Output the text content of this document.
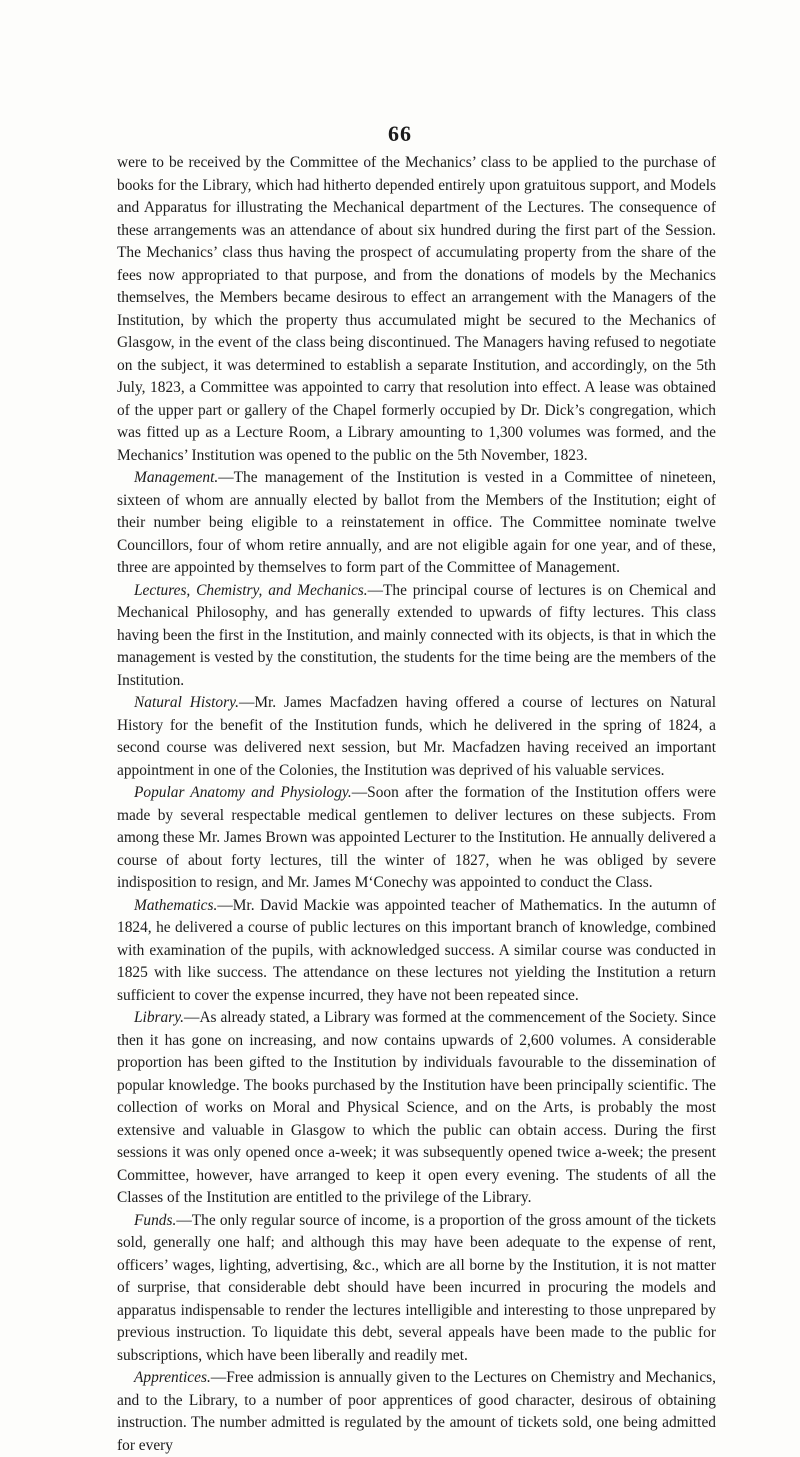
66

were to be received by the Committee of the Mechanics’ class to be applied to the purchase of books for the Library, which had hitherto depended entirely upon gratuitous support, and Models and Apparatus for illustrating the Mechanical department of the Lectures. The consequence of these arrangements was an attendance of about six hundred during the first part of the Session. The Mechanics’ class thus having the prospect of accumulating property from the share of the fees now appropriated to that purpose, and from the donations of models by the Mechanics themselves, the Members became desirous to effect an arrangement with the Managers of the Institution, by which the property thus accumulated might be secured to the Mechanics of Glasgow, in the event of the class being discontinued. The Managers having refused to negotiate on the subject, it was determined to establish a separate Institution, and accordingly, on the 5th July, 1823, a Committee was appointed to carry that resolution into effect. A lease was obtained of the upper part or gallery of the Chapel formerly occupied by Dr. Dick’s congregation, which was fitted up as a Lecture Room, a Library amounting to 1,300 volumes was formed, and the Mechanics’ Institution was opened to the public on the 5th November, 1823.

Management.—The management of the Institution is vested in a Committee of nineteen, sixteen of whom are annually elected by ballot from the Members of the Institution; eight of their number being eligible to a reinstatement in office. The Committee nominate twelve Councillors, four of whom retire annually, and are not eligible again for one year, and of these, three are appointed by themselves to form part of the Committee of Management.

Lectures, Chemistry, and Mechanics.—The principal course of lectures is on Chemical and Mechanical Philosophy, and has generally extended to upwards of fifty lectures. This class having been the first in the Institution, and mainly connected with its objects, is that in which the management is vested by the constitution, the students for the time being are the members of the Institution.

Natural History.—Mr. James Macfadzen having offered a course of lectures on Natural History for the benefit of the Institution funds, which he delivered in the spring of 1824, a second course was delivered next session, but Mr. Macfadzen having received an important appointment in one of the Colonies, the Institution was deprived of his valuable services.

Popular Anatomy and Physiology.—Soon after the formation of the Institution offers were made by several respectable medical gentlemen to deliver lectures on these subjects. From among these Mr. James Brown was appointed Lecturer to the Institution. He annually delivered a course of about forty lectures, till the winter of 1827, when he was obliged by severe indisposition to resign, and Mr. James M‘Conechy was appointed to conduct the Class.

Mathematics.—Mr. David Mackie was appointed teacher of Mathematics. In the autumn of 1824, he delivered a course of public lectures on this important branch of knowledge, combined with examination of the pupils, with acknowledged success. A similar course was conducted in 1825 with like success. The attendance on these lectures not yielding the Institution a return sufficient to cover the expense incurred, they have not been repeated since.

Library.—As already stated, a Library was formed at the commencement of the Society. Since then it has gone on increasing, and now contains upwards of 2,600 volumes. A considerable proportion has been gifted to the Institution by individuals favourable to the dissemination of popular knowledge. The books purchased by the Institution have been principally scientific. The collection of works on Moral and Physical Science, and on the Arts, is probably the most extensive and valuable in Glasgow to which the public can obtain access. During the first sessions it was only opened once a-week; it was subsequently opened twice a-week; the present Committee, however, have arranged to keep it open every evening. The students of all the Classes of the Institution are entitled to the privilege of the Library.

Funds.—The only regular source of income, is a proportion of the gross amount of the tickets sold, generally one half; and although this may have been adequate to the expense of rent, officers’ wages, lighting, advertising, &c., which are all borne by the Institution, it is not matter of surprise, that considerable debt should have been incurred in procuring the models and apparatus indispensable to render the lectures intelligible and interesting to those unprepared by previous instruction. To liquidate this debt, several appeals have been made to the public for subscriptions, which have been liberally and readily met.

Apprentices.—Free admission is annually given to the Lectures on Chemistry and Mechanics, and to the Library, to a number of poor apprentices of good character, desirous of obtaining instruction. The number admitted is regulated by the amount of tickets sold, one being admitted for every
